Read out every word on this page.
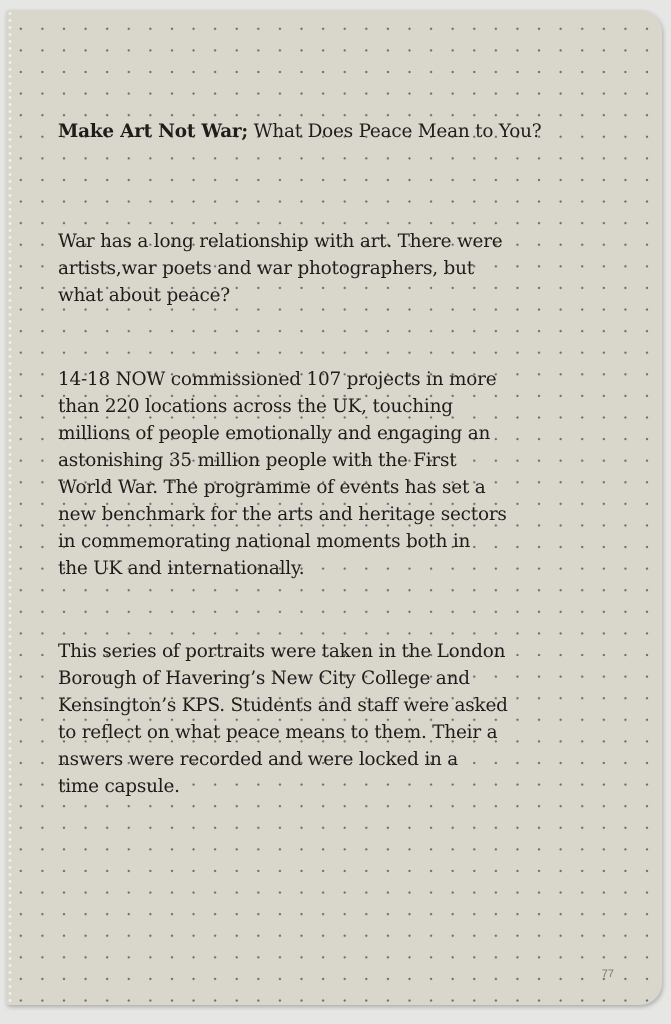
Make Art Not War; What Does Peace Mean to You?
War has a long relationship with art. There were
artists,war poets and war photographers, but
what about peace?
14-18 NOW commissioned 107 projects in more
than 220 locations across the UK, touching
millions of people emotionally and engaging an
astonishing 35 million people with the First
World War. The programme of events has set a
new benchmark for the arts and heritage sectors
in commemorating national moments both in
the UK and internationally.
This series of portraits were taken in the London
Borough of Havering’s New City College and
Kensington’s KPS. Students and staff were asked
to reflect on what peace means to them. Their a
nswers were recorded and were locked in a
time capsule.
77
